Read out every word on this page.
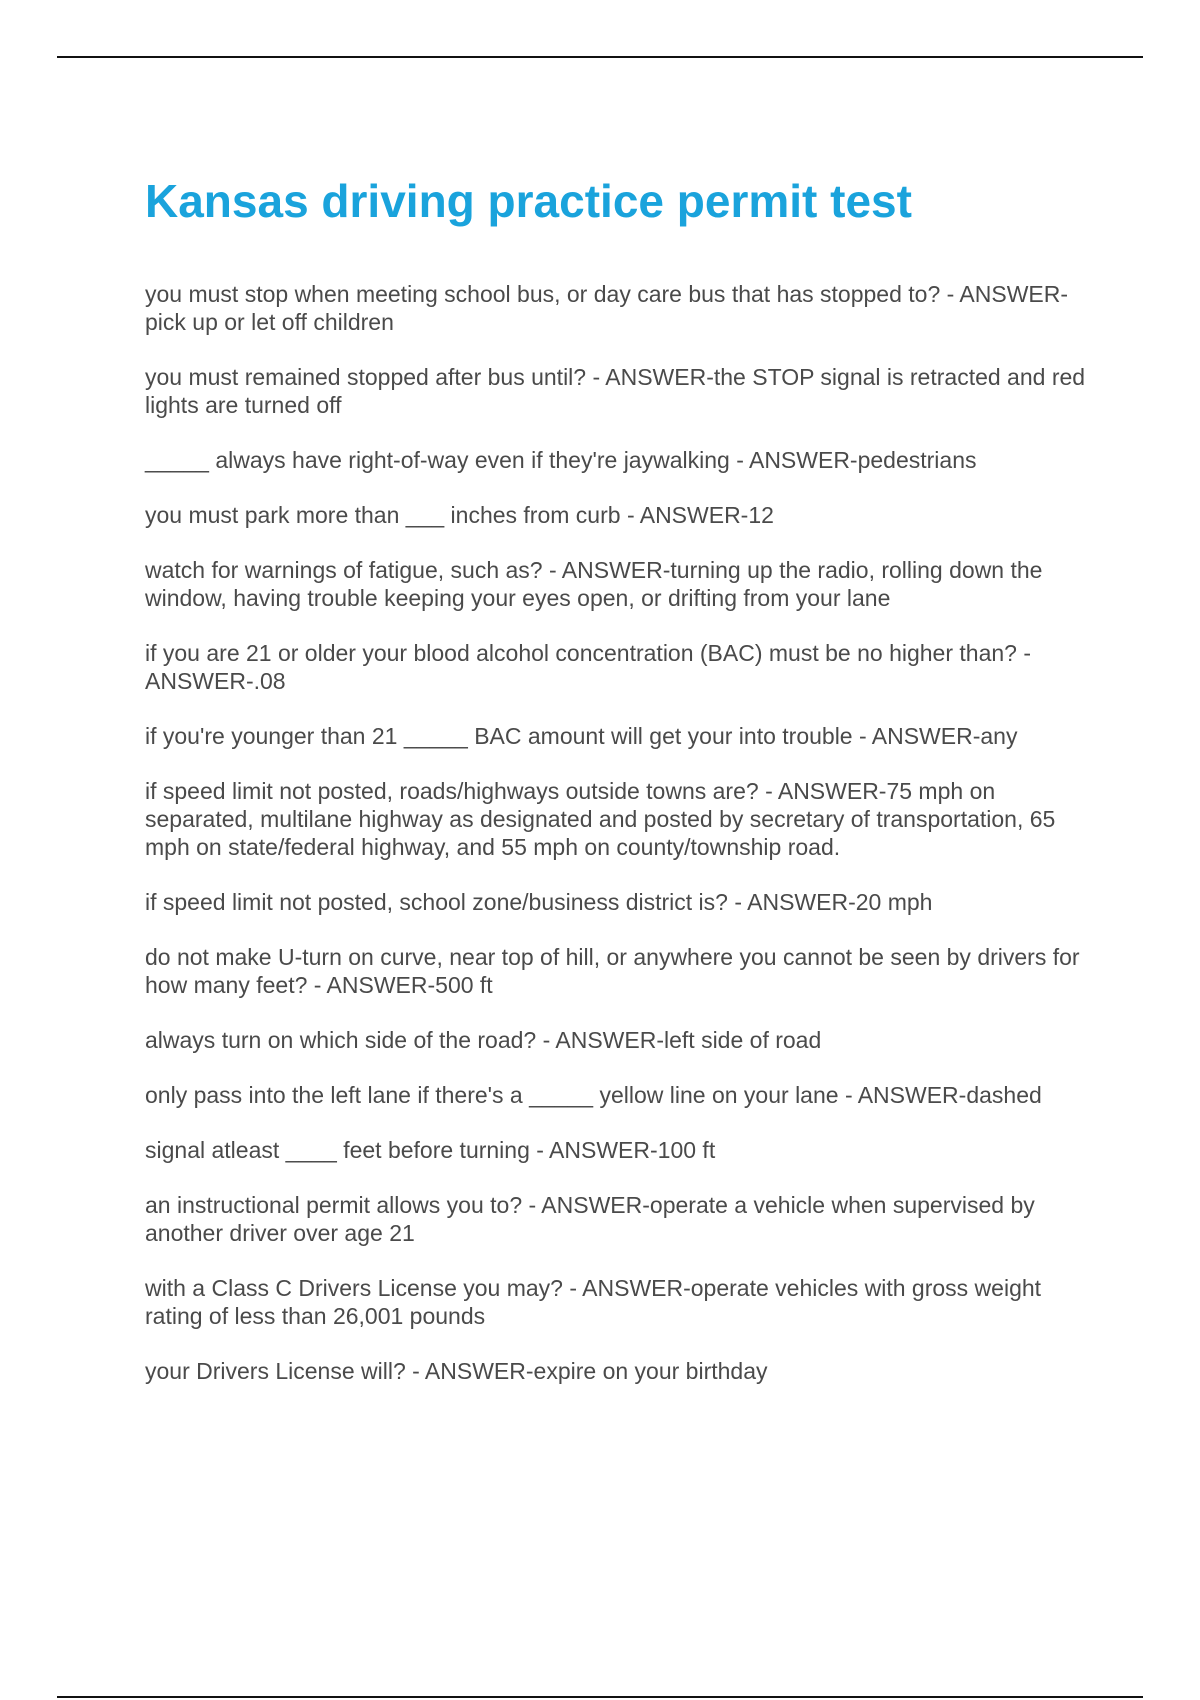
Kansas driving practice permit test

you must stop when meeting school bus, or day care bus that has stopped to? - ANSWER-pick up or let off children

you must remained stopped after bus until? - ANSWER-the STOP signal is retracted and red lights are turned off

_____ always have right-of-way even if they're jaywalking - ANSWER-pedestrians

you must park more than ___ inches from curb - ANSWER-12

watch for warnings of fatigue, such as? - ANSWER-turning up the radio, rolling down the window, having trouble keeping your eyes open, or drifting from your lane

if you are 21 or older your blood alcohol concentration (BAC) must be no higher than? - ANSWER-.08

if you're younger than 21 _____ BAC amount will get your into trouble - ANSWER-any

if speed limit not posted, roads/highways outside towns are? - ANSWER-75 mph on separated, multilane highway as designated and posted by secretary of transportation, 65 mph on state/federal highway, and 55 mph on county/township road.

if speed limit not posted, school zone/business district is? - ANSWER-20 mph

do not make U-turn on curve, near top of hill, or anywhere you cannot be seen by drivers for how many feet? - ANSWER-500 ft

always turn on which side of the road? - ANSWER-left side of road

only pass into the left lane if there's a _____ yellow line on your lane - ANSWER-dashed

signal atleast ____ feet before turning - ANSWER-100 ft

an instructional permit allows you to? - ANSWER-operate a vehicle when supervised by another driver over age 21

with a Class C Drivers License you may? - ANSWER-operate vehicles with gross weight rating of less than 26,001 pounds

your Drivers License will? - ANSWER-expire on your birthday
